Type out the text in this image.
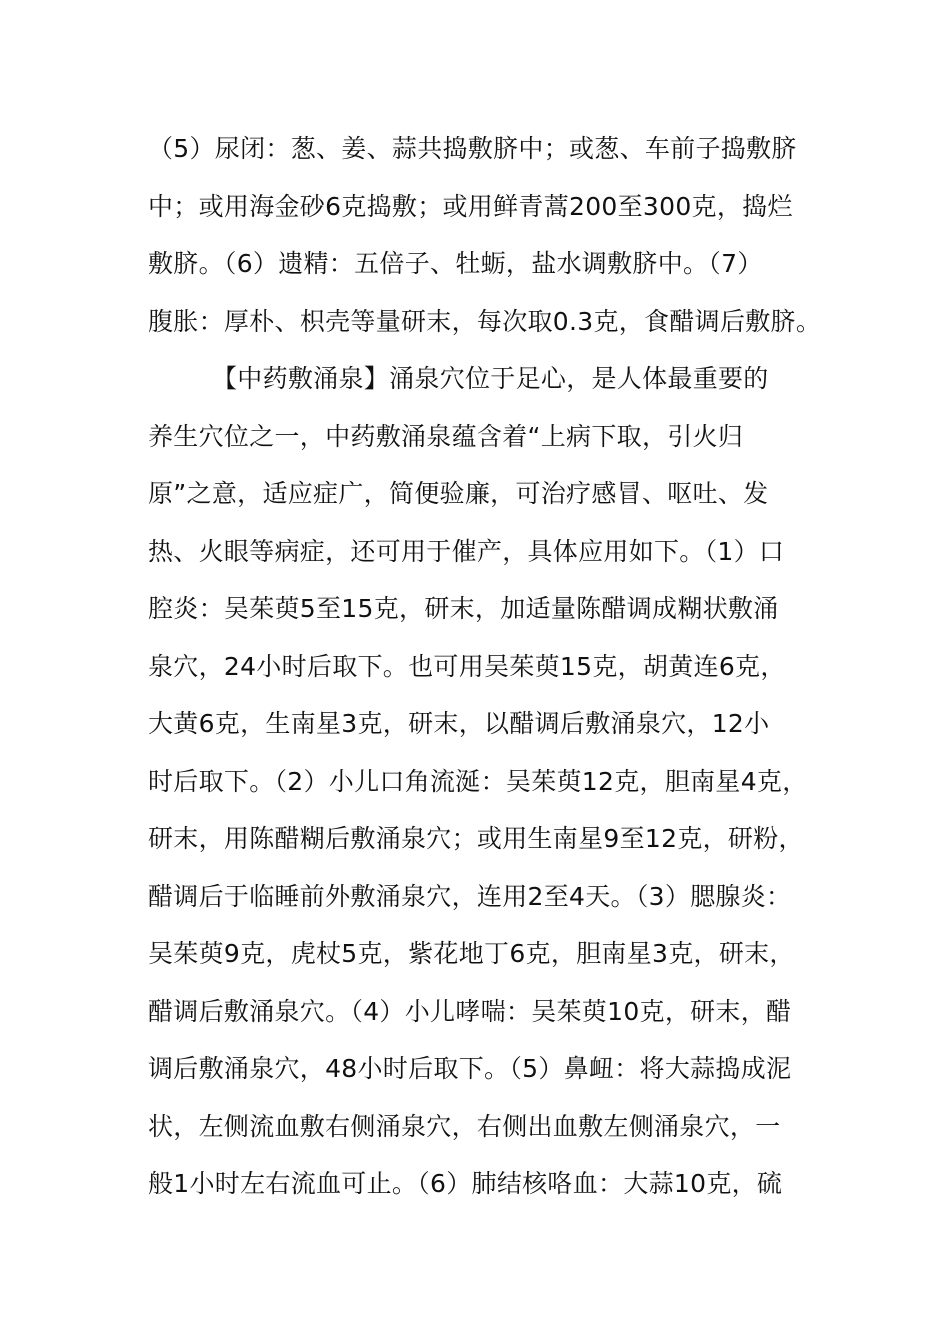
（5）尿闭：葱、姜、蒜共捣敷脐中；或葱、车前子捣敷脐
中；或用海金砂6克捣敷；或用鲜青蒿200至300克，捣烂
敷脐。（6）遗精：五倍子、牡蛎，盐水调敷脐中。（7）
腹胀：厚朴、枳壳等量研末，每次取0.3克，食醋调后敷脐。
【中药敷涌泉】涌泉穴位于足心，是人体最重要的
养生穴位之一，中药敷涌泉蕴含着“上病下取，引火归
原”之意，适应症广，简便验廉，可治疗感冒、呕吐、发
热、火眼等病症，还可用于催产，具体应用如下。（1）口
腔炎：吴茱萸5至15克，研末，加适量陈醋调成糊状敷涌
泉穴，24小时后取下。也可用吴茱萸15克，胡黄连6克，
大黄6克，生南星3克，研末，以醋调后敷涌泉穴，12小
时后取下。（2）小儿口角流涎：吴茱萸12克，胆南星4克，
研末，用陈醋糊后敷涌泉穴；或用生南星9至12克，研粉，
醋调后于临睡前外敷涌泉穴，连用2至4天。（3）腮腺炎：
吴茱萸9克，虎杖5克，紫花地丁6克，胆南星3克，研末，
醋调后敷涌泉穴。（4）小儿哮喘：吴茱萸10克，研末，醋
调后敷涌泉穴，48小时后取下。（5）鼻衄：将大蒜捣成泥
状，左侧流血敷右侧涌泉穴，右侧出血敷左侧涌泉穴，一
般1小时左右流血可止。（6）肺结核咯血：大蒜10克，硫
